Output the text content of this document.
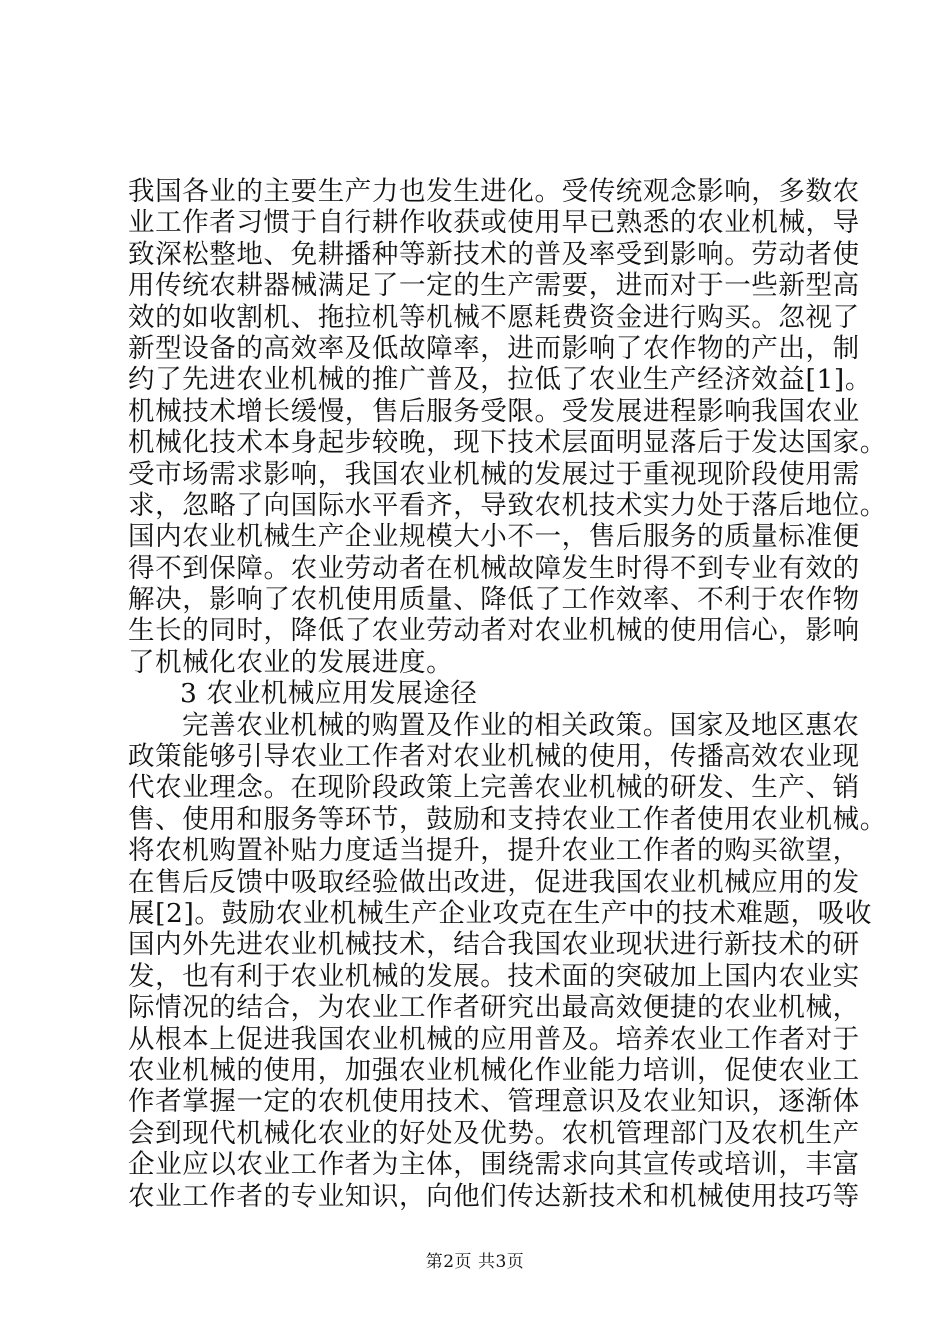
我国各业的主要生产力也发生进化。受传统观念影响，多数农
业工作者习惯于自行耕作收获或使用早已熟悉的农业机械，导
致深松整地、免耕播种等新技术的普及率受到影响。劳动者使
用传统农耕器械满足了一定的生产需要，进而对于一些新型高
效的如收割机、拖拉机等机械不愿耗费资金进行购买。忽视了
新型设备的高效率及低故障率，进而影响了农作物的产出，制
约了先进农业机械的推广普及，拉低了农业生产经济效益[1]。
机械技术增长缓慢，售后服务受限。受发展进程影响我国农业
机械化技术本身起步较晚，现下技术层面明显落后于发达国家。
受市场需求影响，我国农业机械的发展过于重视现阶段使用需
求，忽略了向国际水平看齐，导致农机技术实力处于落后地位。
国内农业机械生产企业规模大小不一，售后服务的质量标准便
得不到保障。农业劳动者在机械故障发生时得不到专业有效的
解决，影响了农机使用质量、降低了工作效率、不利于农作物
生长的同时，降低了农业劳动者对农业机械的使用信心，影响
了机械化农业的发展进度。
3 农业机械应用发展途径
完善农业机械的购置及作业的相关政策。国家及地区惠农
政策能够引导农业工作者对农业机械的使用，传播高效农业现
代农业理念。在现阶段政策上完善农业机械的研发、生产、销
售、使用和服务等环节，鼓励和支持农业工作者使用农业机械。
将农机购置补贴力度适当提升，提升农业工作者的购买欲望，
在售后反馈中吸取经验做出改进，促进我国农业机械应用的发
展[2]。鼓励农业机械生产企业攻克在生产中的技术难题，吸收
国内外先进农业机械技术，结合我国农业现状进行新技术的研
发，也有利于农业机械的发展。技术面的突破加上国内农业实
际情况的结合，为农业工作者研究出最高效便捷的农业机械，
从根本上促进我国农业机械的应用普及。培养农业工作者对于
农业机械的使用，加强农业机械化作业能力培训，促使农业工
作者掌握一定的农机使用技术、管理意识及农业知识，逐渐体
会到现代机械化农业的好处及优势。农机管理部门及农机生产
企业应以农业工作者为主体，围绕需求向其宣传或培训，丰富
农业工作者的专业知识，向他们传达新技术和机械使用技巧等
第2页 共3页
